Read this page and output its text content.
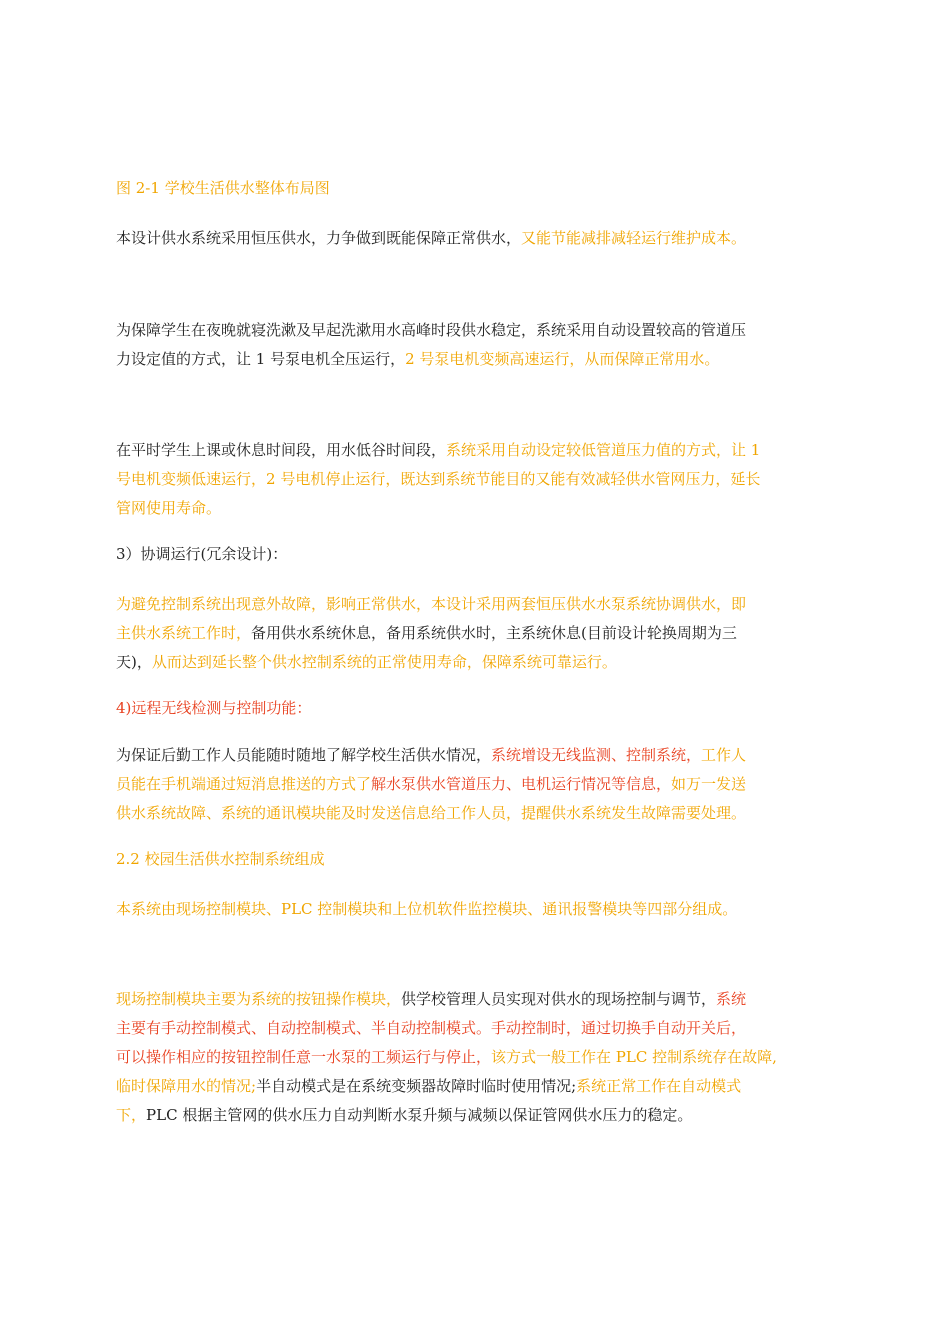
图 2-1 学校生活供水整体布局图

本设计供水系统采用恒压供水，力争做到既能保障正常供水，又能节能减排减轻运行维护成本。

为保障学生在夜晚就寝洗漱及早起洗漱用水高峰时段供水稳定，系统采用自动设置较高的管道压
力设定值的方式，让 1 号泵电机全压运行，2 号泵电机变频高速运行，从而保障正常用水。

在平时学生上课或休息时间段，用水低谷时间段，系统采用自动设定较低管道压力值的方式，让 1
号电机变频低速运行，2 号电机停止运行，既达到系统节能目的又能有效减轻供水管网压力，延长
管网使用寿命。

3）协调运行(冗余设计)：

为避免控制系统出现意外故障，影响正常供水，本设计采用两套恒压供水水泵系统协调供水，即
主供水系统工作时，备用供水系统休息，备用系统供水时，主系统休息(目前设计轮换周期为三
天)，从而达到延长整个供水控制系统的正常使用寿命，保障系统可靠运行。

4)远程无线检测与控制功能：

为保证后勤工作人员能随时随地了解学校生活供水情况，系统增设无线监测、控制系统，工作人
员能在手机端通过短消息推送的方式了解水泵供水管道压力、电机运行情况等信息，如万一发送
供水系统故障、系统的通讯模块能及时发送信息给工作人员，提醒供水系统发生故障需要处理。

2.2 校园生活供水控制系统组成

本系统由现场控制模块、PLC 控制模块和上位机软件监控模块、通讯报警模块等四部分组成。

现场控制模块主要为系统的按钮操作模块，供学校管理人员实现对供水的现场控制与调节，系统
主要有手动控制模式、自动控制模式、半自动控制模式。手动控制时，通过切换手自动开关后，
可以操作相应的按钮控制任意一水泵的工频运行与停止，该方式一般工作在 PLC 控制系统存在故障,
临时保障用水的情况;半自动模式是在系统变频器故障时临时使用情况;系统正常工作在自动模式
下，PLC 根据主管网的供水压力自动判断水泵升频与减频以保证管网供水压力的稳定。
